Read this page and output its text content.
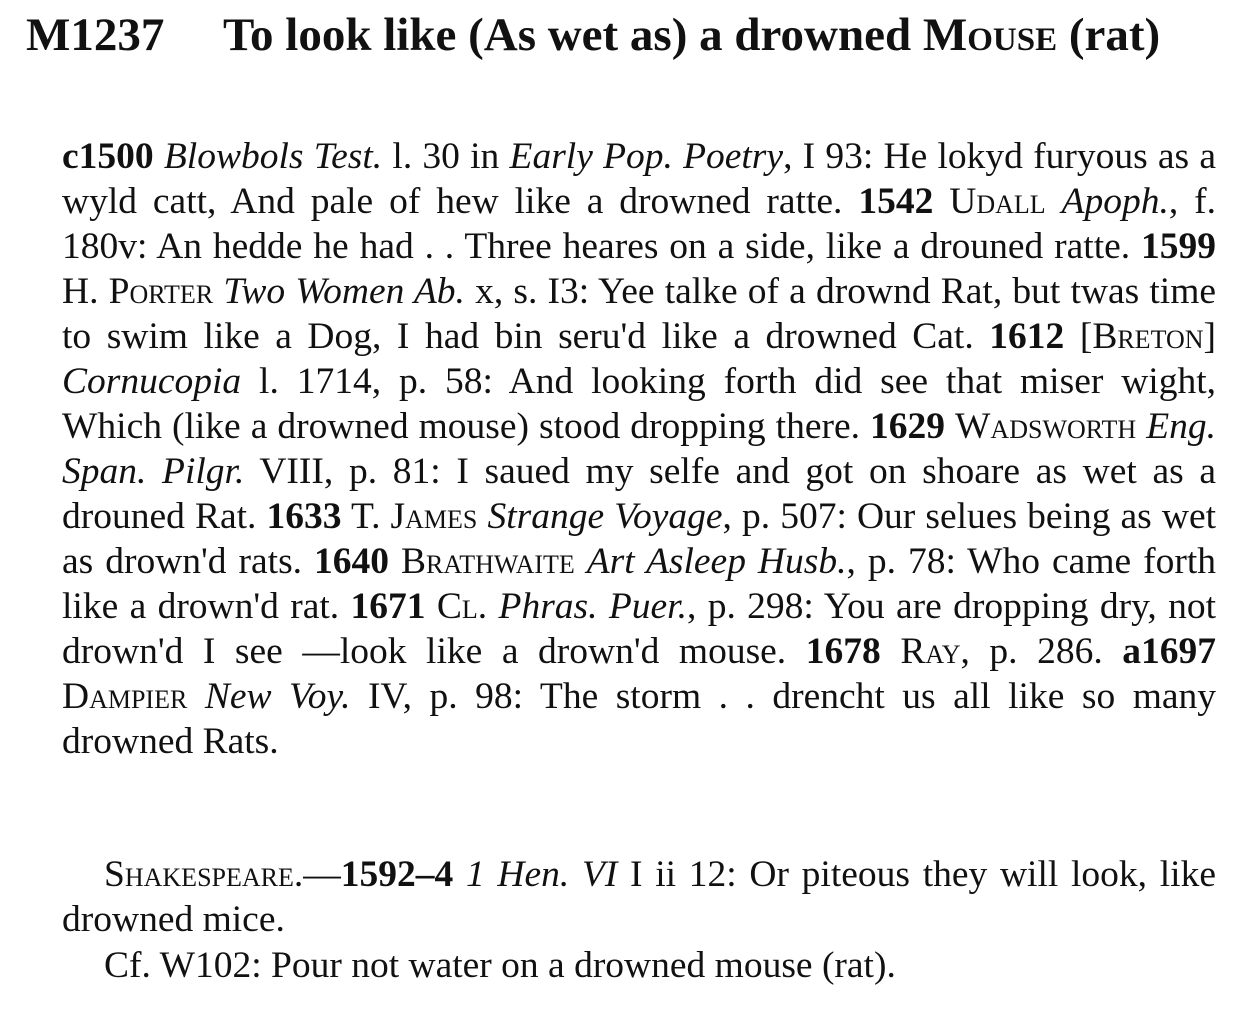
M1237 To look like (As wet as) a drowned Mouse (rat)

c1500 Blowbols Test. l. 30 in Early Pop. Poetry, I 93: He lokyd furyous as a wyld catt, And pale of hew like a drowned ratte. 1542 Udall Apoph., f. 180v: An hedde he had . . Three heares on a side, like a drouned ratte. 1599 H. Porter Two Women Ab. x, s. I3: Yee talke of a drownd Rat, but twas time to swim like a Dog, I had bin seru'd like a drowned Cat. 1612 [Breton] Cornucopia l. 1714, p. 58: And looking forth did see that miser wight, Which (like a drowned mouse) stood dropping there. 1629 Wadsworth Eng. Span. Pilgr. VIII, p. 81: I saued my selfe and got on shoare as wet as a drouned Rat. 1633 T. James Strange Voyage, p. 507: Our selues being as wet as drown'd rats. 1640 Brathwaite Art Asleep Husb., p. 78: Who came forth like a drown'd rat. 1671 Cl. Phras. Puer., p. 298: You are dropping dry, not drown'd I see —look like a drown'd mouse. 1678 Ray, p. 286. a1697 Dampier New Voy. IV, p. 98: The storm . . drencht us all like so many drowned Rats.

Shakespeare.—1592–4 1 Hen. VI I ii 12: Or piteous they will look, like drowned mice.

Cf. W102: Pour not water on a drowned mouse (rat).
